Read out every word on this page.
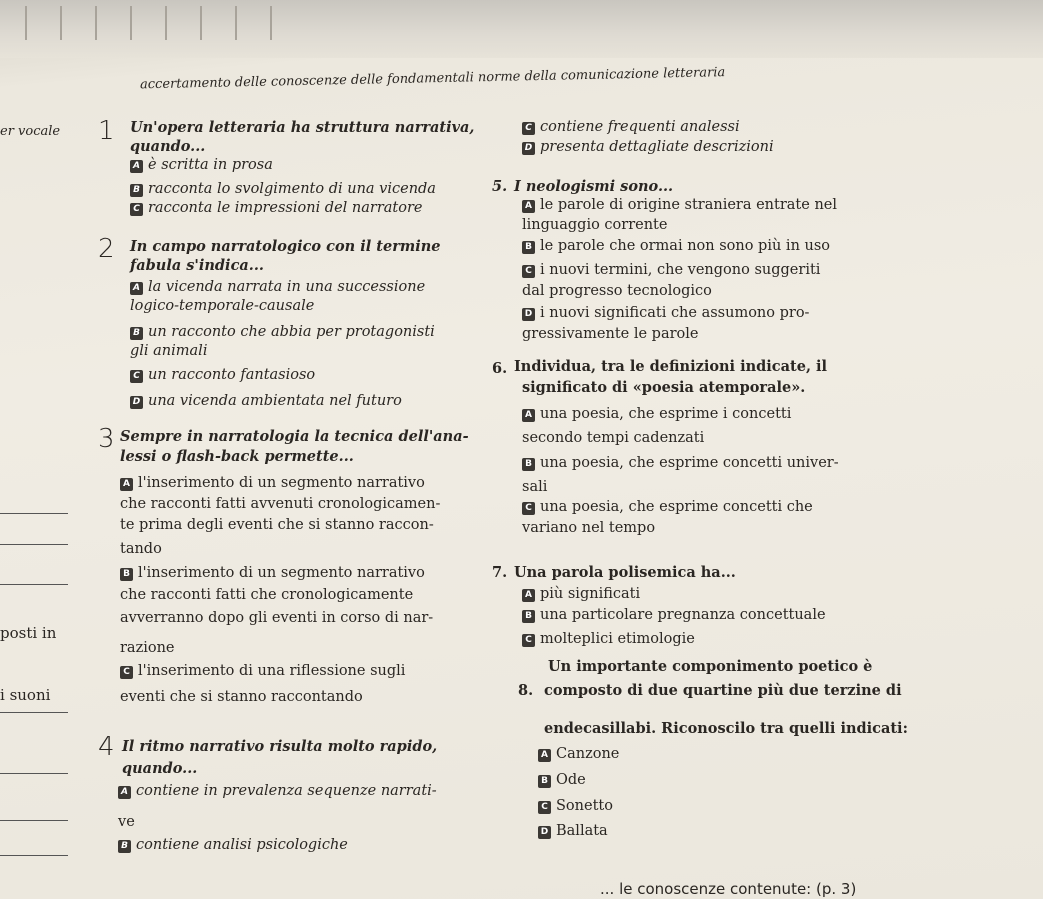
accertamento delle conoscenze delle fondamentali norme della comunicazione letteraria
er vocale
posti in
i suoni
1 Un'opera letteraria ha struttura narrativa,
quando...
A è scritta in prosa
B racconta lo svolgimento di una vicenda
C racconta le impressioni del narratore
2 In campo narratologico con il termine
fabula s'indica...
A la vicenda narrata in una successione
logico-temporale-causale
B un racconto che abbia per protagonisti
gli animali
C un racconto fantasioso
D una vicenda ambientata nel futuro
3 Sempre in narratologia la tecnica dell'ana-
lessi o flash-back permette...
A l'inserimento di un segmento narrativo
che racconti fatti avvenuti cronologicamen-
te prima degli eventi che si stanno raccon-
tando
B l'inserimento di un segmento narrativo
che racconti fatti che cronologicamente
avverranno dopo gli eventi in corso di nar-
razione
C l'inserimento di una riflessione sugli
eventi che si stanno raccontando
4 Il ritmo narrativo risulta molto rapido,
quando...
A contiene in prevalenza sequenze narrati-
ve
B contiene analisi psicologiche
C contiene frequenti analessi
D presenta dettagliate descrizioni
5. I neologismi sono...
A le parole di origine straniera entrate nel
linguaggio corrente
B le parole che ormai non sono più in uso
C i nuovi termini, che vengono suggeriti
dal progresso tecnologico
D i nuovi significati che assumono pro-
gressivamente le parole
6. Individua, tra le definizioni indicate, il
significato di «poesia atemporale».
A una poesia, che esprime i concetti
secondo tempi cadenzati
B una poesia, che esprime concetti univer-
sali
C una poesia, che esprime concetti che
variano nel tempo
7. Una parola polisemica ha...
A più significati
B una particolare pregnanza concettuale
C molteplici etimologie
Un importante componimento poetico è
8. composto di due quartine più due terzine di
endecasillabi. Riconoscilo tra quelli indicati:
A Canzone
B Ode
C Sonetto
D Ballata
... le conoscenze contenute: (p. 3)
